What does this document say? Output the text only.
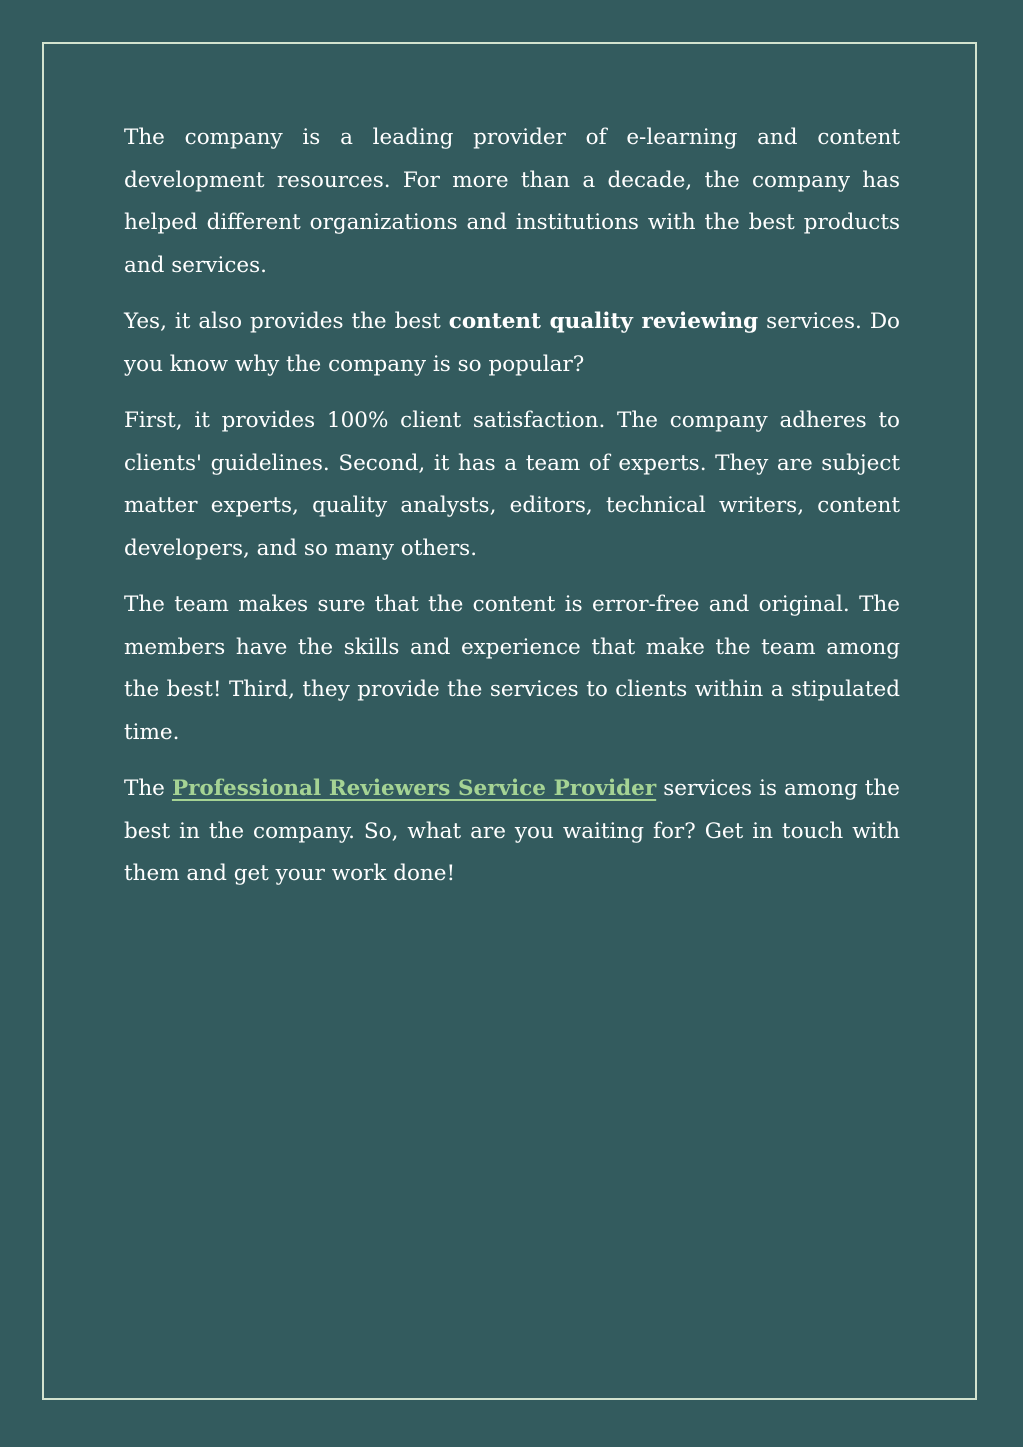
The company is a leading provider of e-learning and content development resources. For more than a decade, the company has helped different organizations and institutions with the best products and services.

Yes, it also provides the best content quality reviewing services. Do you know why the company is so popular?

First, it provides 100% client satisfaction. The company adheres to clients' guidelines. Second, it has a team of experts. They are subject matter experts, quality analysts, editors, technical writers, content developers, and so many others.

The team makes sure that the content is error-free and original. The members have the skills and experience that make the team among the best! Third, they provide the services to clients within a stipulated time.

The Professional Reviewers Service Provider services is among the best in the company. So, what are you waiting for? Get in touch with them and get your work done!
